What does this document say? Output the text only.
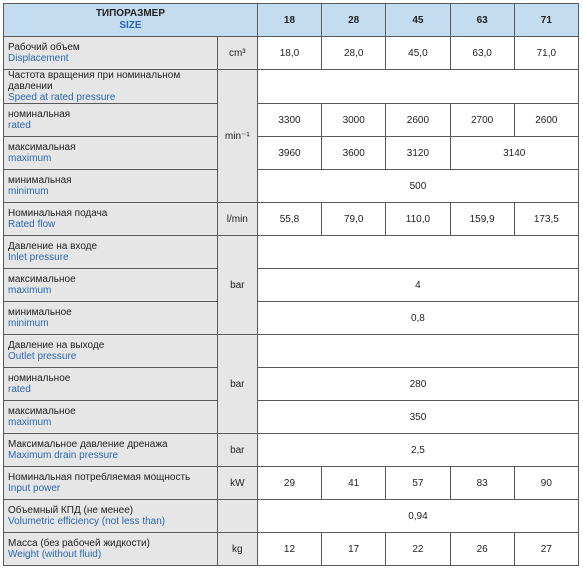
ТИПОРАЗМЕР
SIZE		18	28	45	63	71

Рабочий объем
Displacement	cm³	18,0	28,0	45,0	63,0	71,0

Частота вращения при номинальном давлении
Speed at rated pressure	min⁻¹					

номинальная
rated		3300	3000	2600	2700	2600

максимальная
maximum		3960	3600	3120	3140	

минимальная
minimum		500				

Номинальная подача
Rated flow	l/min	55,8	79,0	110,0	159,9	173,5

Давление на входе
Inlet pressure	bar					

максимальное
maximum		4				

минимальное
minimum		0,8				

Давление на выходе
Outlet pressure	bar					

номинальное
rated		280				

максимальное
maximum		350				

Максимальное давление дренажа
Maximum drain pressure	bar	2,5				

Номинальная потребляемая мощность
Input power	kW	29	41	57	83	90

Объемный КПД (не менее)
Volumetric efficiency (not less than)		0,94				

Масса (без рабочей жидкости)
Weight (without fluid)	kg	12	17	22	26	27
